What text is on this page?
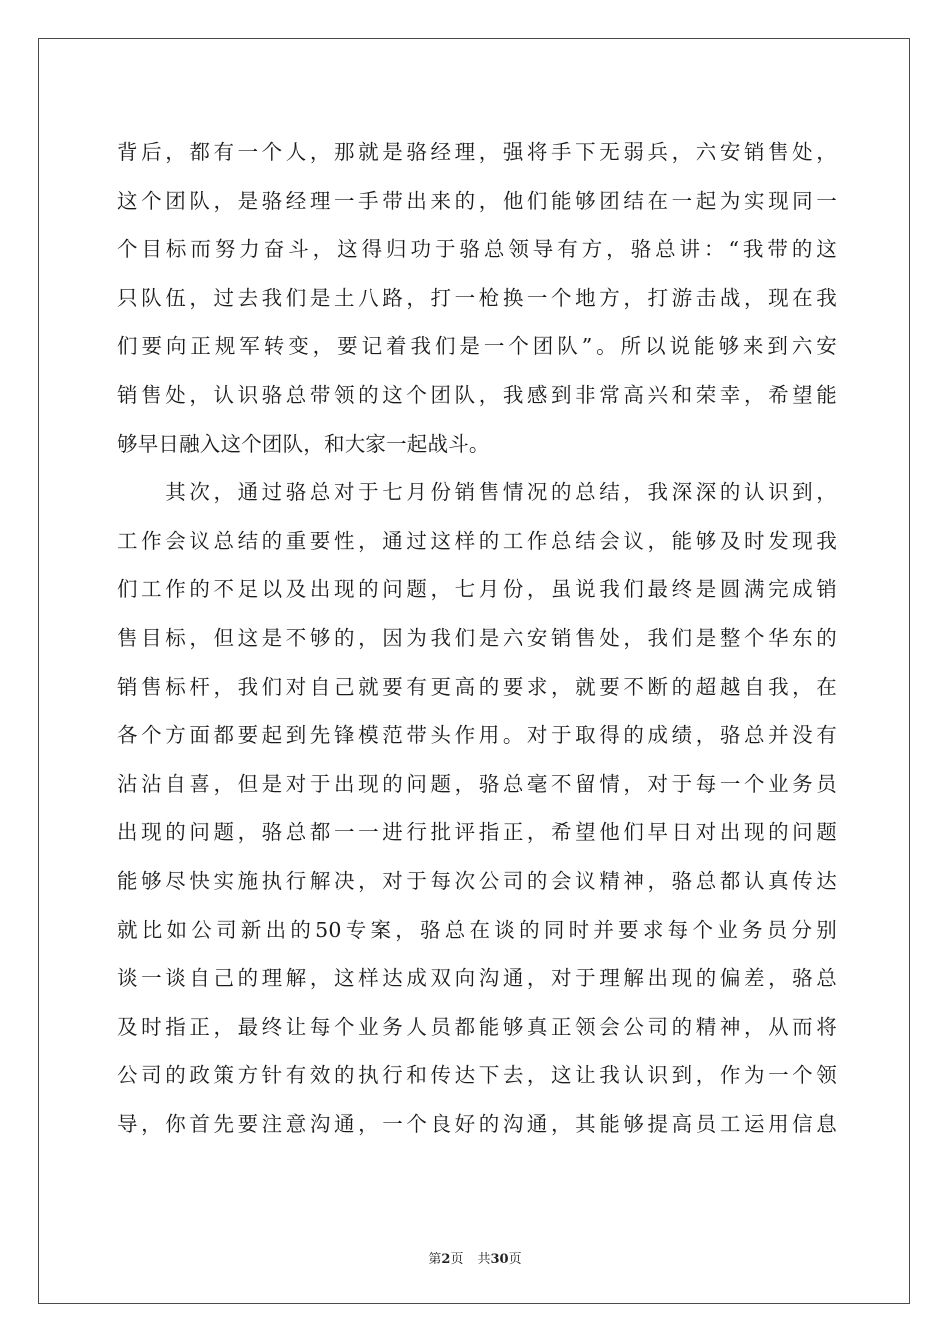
背后，都有一个人，那就是骆经理，强将手下无弱兵，六安销售处，
这个团队，是骆经理一手带出来的，他们能够团结在一起为实现同一
个目标而努力奋斗，这得归功于骆总领导有方，骆总讲：“我带的这
只队伍，过去我们是土八路，打一枪换一个地方，打游击战，现在我
们要向正规军转变，要记着我们是一个团队”。所以说能够来到六安
销售处，认识骆总带领的这个团队，我感到非常高兴和荣幸，希望能
够早日融入这个团队，和大家一起战斗。
　　其次，通过骆总对于七月份销售情况的总结，我深深的认识到，
工作会议总结的重要性，通过这样的工作总结会议，能够及时发现我
们工作的不足以及出现的问题，七月份，虽说我们最终是圆满完成销
售目标，但这是不够的，因为我们是六安销售处，我们是整个华东的
销售标杆，我们对自己就要有更高的要求，就要不断的超越自我，在
各个方面都要起到先锋模范带头作用。对于取得的成绩，骆总并没有
沾沾自喜，但是对于出现的问题，骆总毫不留情，对于每一个业务员
出现的问题，骆总都一一进行批评指正，希望他们早日对出现的问题
能够尽快实施执行解决，对于每次公司的会议精神，骆总都认真传达
就比如公司新出的50专案，骆总在谈的同时并要求每个业务员分别
谈一谈自己的理解，这样达成双向沟通，对于理解出现的偏差，骆总
及时指正，最终让每个业务人员都能够真正领会公司的精神，从而将
公司的政策方针有效的执行和传达下去，这让我认识到，作为一个领
导，你首先要注意沟通，一个良好的沟通，其能够提高员工运用信息
第2页 共30页
